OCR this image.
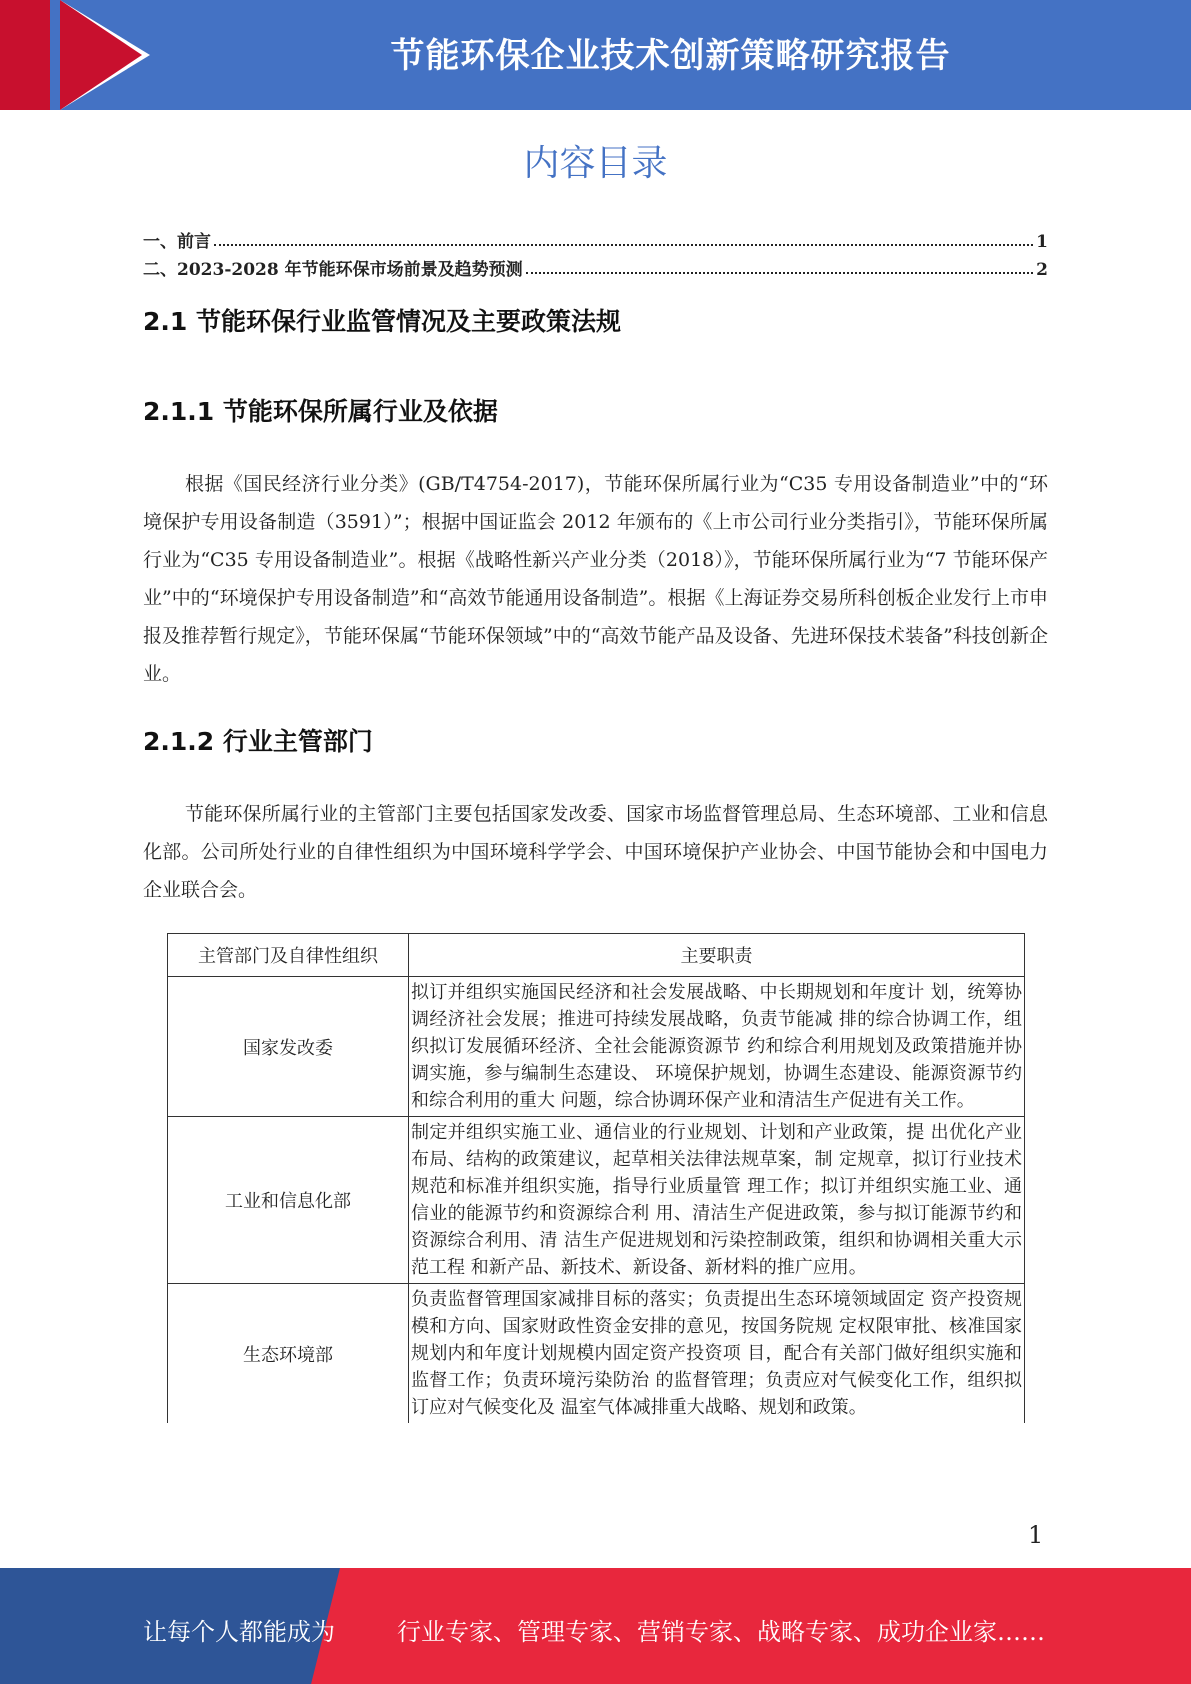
节能环保企业技术创新策略研究报告
内容目录
一、前言	1
二、2023-2028 年节能环保市场前景及趋势预测	2
2.1 节能环保行业监管情况及主要政策法规
2.1.1 节能环保所属行业及依据
根据《国民经济行业分类》(GB/T4754-2017)，节能环保所属行业为“C35 专用设备制造业”中的“环境保护专用设备制造（3591）”；根据中国证监会 2012 年颁布的《上市公司行业分类指引》，节能环保所属行业为“C35 专用设备制造业”。根据《战略性新兴产业分类（2018）》，节能环保所属行业为“7 节能环保产业”中的“环境保护专用设备制造”和“高效节能通用设备制造”。根据《上海证券交易所科创板企业发行上市申报及推荐暂行规定》，节能环保属“节能环保领域”中的“高效节能产品及设备、先进环保技术装备”科技创新企业。
2.1.2 行业主管部门
节能环保所属行业的主管部门主要包括国家发改委、国家市场监督管理总局、生态环境部、工业和信息化部。公司所处行业的自律性组织为中国环境科学学会、中国环境保护产业协会、中国节能协会和中国电力企业联合会。
主管部门及自律性组织	主要职责
国家发改委	拟订并组织实施国民经济和社会发展战略、中长期规划和年度计 划，统筹协调经济社会发展；推进可持续发展战略，负责节能减 排的综合协调工作，组织拟订发展循环经济、全社会能源资源节 约和综合利用规划及政策措施并协调实施，参与编制生态建设、 环境保护规划，协调生态建设、能源资源节约和综合利用的重大 问题，综合协调环保产业和清洁生产促进有关工作。
工业和信息化部	制定并组织实施工业、通信业的行业规划、计划和产业政策，提 出优化产业布局、结构的政策建议，起草相关法律法规草案，制 定规章，拟订行业技术规范和标准并组织实施，指导行业质量管 理工作；拟订并组织实施工业、通信业的能源节约和资源综合利 用、清洁生产促进政策，参与拟订能源节约和资源综合利用、清 洁生产促进规划和污染控制政策，组织和协调相关重大示范工程 和新产品、新技术、新设备、新材料的推广应用。
生态环境部	负责监督管理国家减排目标的落实；负责提出生态环境领域固定 资产投资规模和方向、国家财政性资金安排的意见，按国务院规 定权限审批、核准国家规划内和年度计划规模内固定资产投资项 目，配合有关部门做好组织实施和监督工作；负责环境污染防治 的监督管理；负责应对气候变化工作，组织拟订应对气候变化及 温室气体减排重大战略、规划和政策。
1
让每个人都能成为	行业专家、管理专家、营销专家、战略专家、成功企业家……
